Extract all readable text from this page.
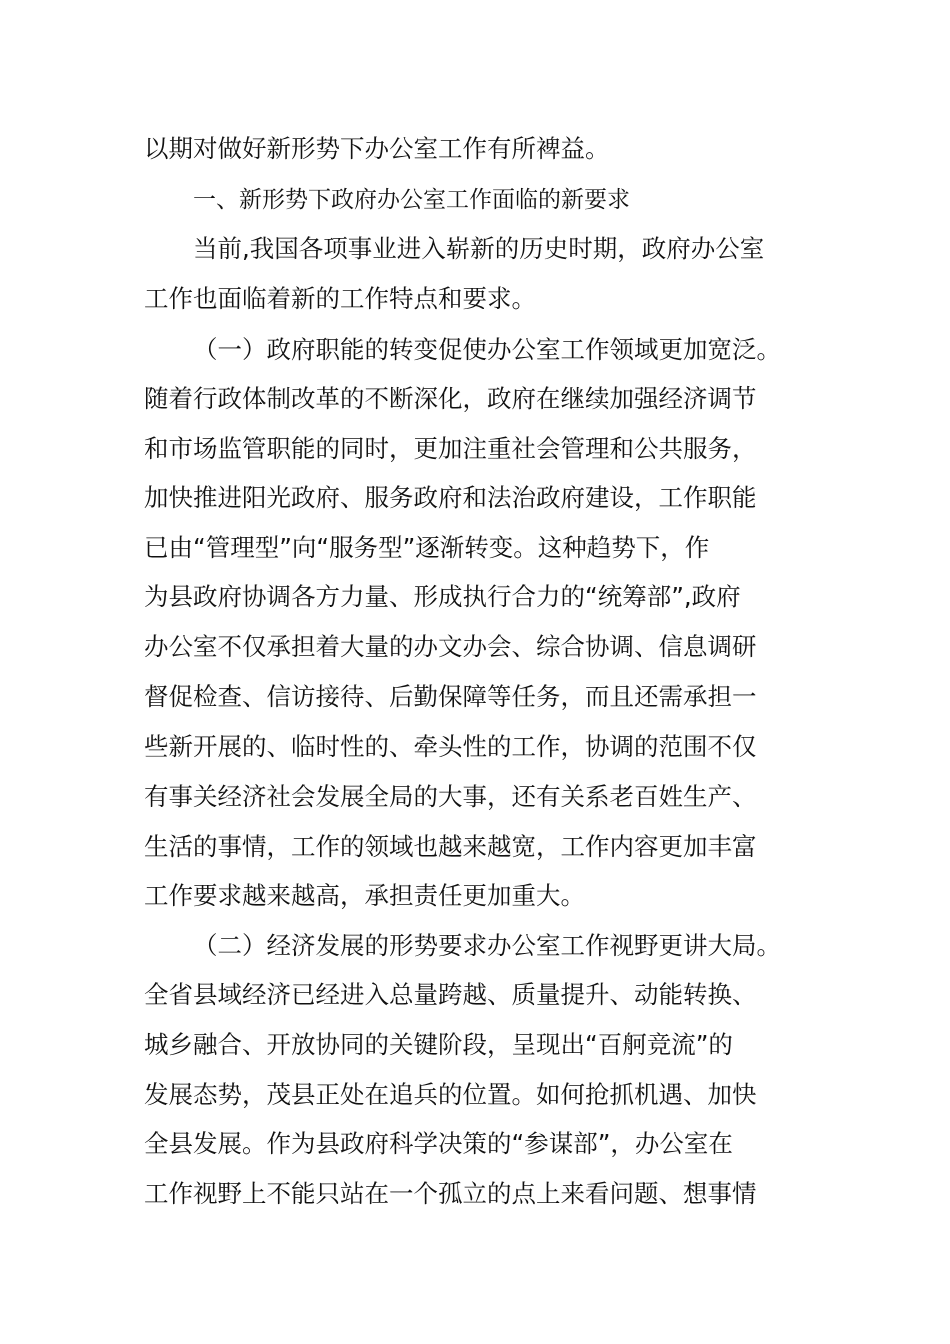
以期对做好新形势下办公室工作有所裨益。
一、新形势下政府办公室工作面临的新要求
当前,我国各项事业进入崭新的历史时期，政府办公室
工作也面临着新的工作特点和要求。
（一）政府职能的转变促使办公室工作领域更加宽泛。
随着行政体制改革的不断深化，政府在继续加强经济调节
和市场监管职能的同时，更加注重社会管理和公共服务，
加快推进阳光政府、服务政府和法治政府建设，工作职能
已由“管理型”向“服务型”逐渐转变。这种趋势下，作
为县政府协调各方力量、形成执行合力的“统筹部”,政府
办公室不仅承担着大量的办文办会、综合协调、信息调研
督促检查、信访接待、后勤保障等任务，而且还需承担一
些新开展的、临时性的、牵头性的工作，协调的范围不仅
有事关经济社会发展全局的大事，还有关系老百姓生产、
生活的事情，工作的领域也越来越宽，工作内容更加丰富
工作要求越来越高，承担责任更加重大。
（二）经济发展的形势要求办公室工作视野更讲大局。
全省县域经济已经进入总量跨越、质量提升、动能转换、
城乡融合、开放协同的关键阶段，呈现出“百舸竞流”的
发展态势，茂县正处在追兵的位置。如何抢抓机遇、加快
全县发展。作为县政府科学决策的“参谋部”，办公室在
工作视野上不能只站在一个孤立的点上来看问题、想事情
